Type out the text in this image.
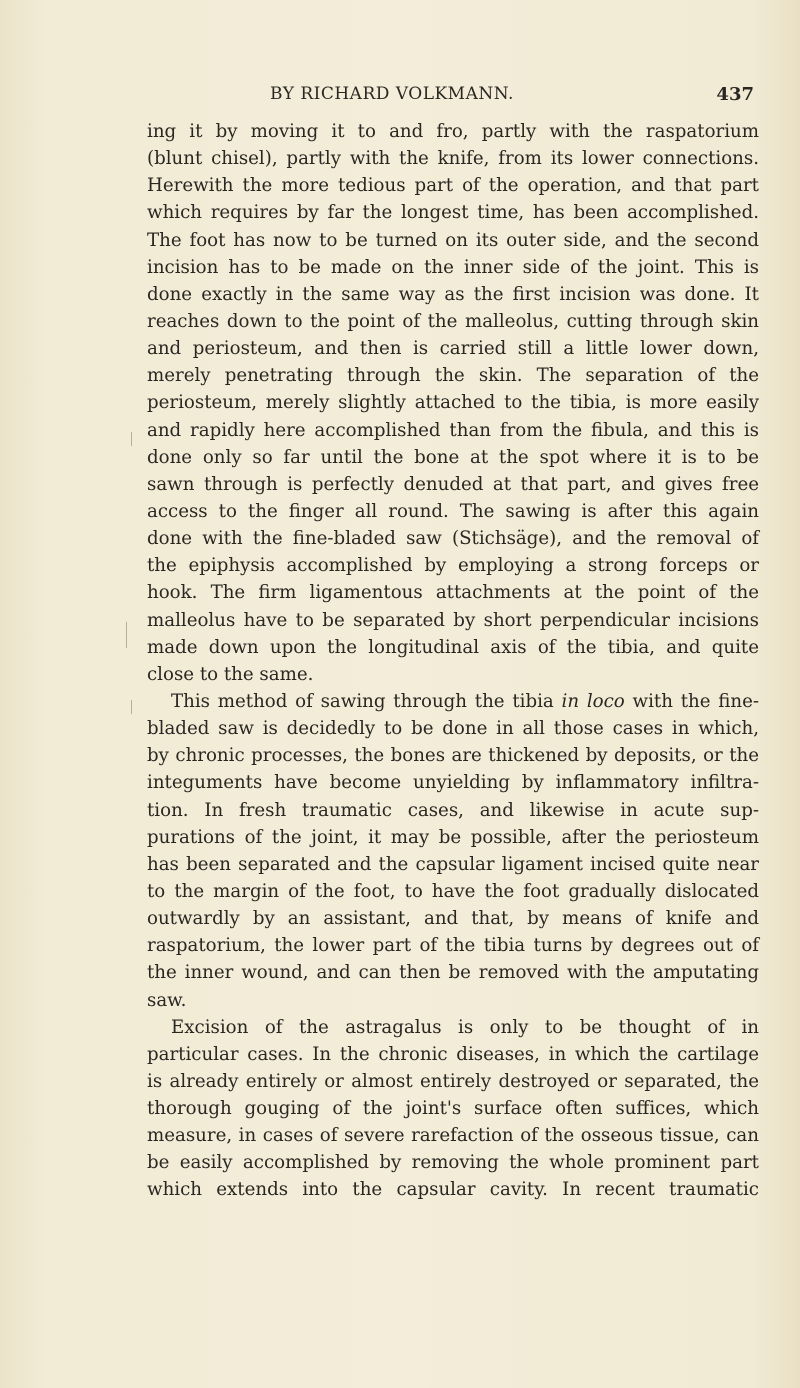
BY RICHARD VOLKMANN.	437
ing it by moving it to and fro, partly with the raspatorium
(blunt chisel), partly with the knife, from its lower connections.
Herewith the more tedious part of the operation, and that part
which requires by far the longest time, has been accomplished.
The foot has now to be turned on its outer side, and the second
incision has to be made on the inner side of the joint. This is
done exactly in the same way as the first incision was done. It
reaches down to the point of the malleolus, cutting through skin
and periosteum, and then is carried still a little lower down,
merely penetrating through the skin. The separation of the
periosteum, merely slightly attached to the tibia, is more easily
and rapidly here accomplished than from the fibula, and this is
done only so far until the bone at the spot where it is to be
sawn through is perfectly denuded at that part, and gives free
access to the finger all round. The sawing is after this again
done with the fine-bladed saw (Stichsäge), and the removal of
the epiphysis accomplished by employing a strong forceps or
hook. The firm ligamentous attachments at the point of the
malleolus have to be separated by short perpendicular incisions
made down upon the longitudinal axis of the tibia, and quite
close to the same.
This method of sawing through the tibia in loco with the fine-
bladed saw is decidedly to be done in all those cases in which,
by chronic processes, the bones are thickened by deposits, or the
integuments have become unyielding by inflammatory infiltra-
tion. In fresh traumatic cases, and likewise in acute sup-
purations of the joint, it may be possible, after the periosteum
has been separated and the capsular ligament incised quite near
to the margin of the foot, to have the foot gradually dislocated
outwardly by an assistant, and that, by means of knife and
raspatorium, the lower part of the tibia turns by degrees out of
the inner wound, and can then be removed with the amputating
saw.
Excision of the astragalus is only to be thought of in
particular cases. In the chronic diseases, in which the cartilage
is already entirely or almost entirely destroyed or separated, the
thorough gouging of the joint's surface often suffices, which
measure, in cases of severe rarefaction of the osseous tissue, can
be easily accomplished by removing the whole prominent part
which extends into the capsular cavity. In recent traumatic
